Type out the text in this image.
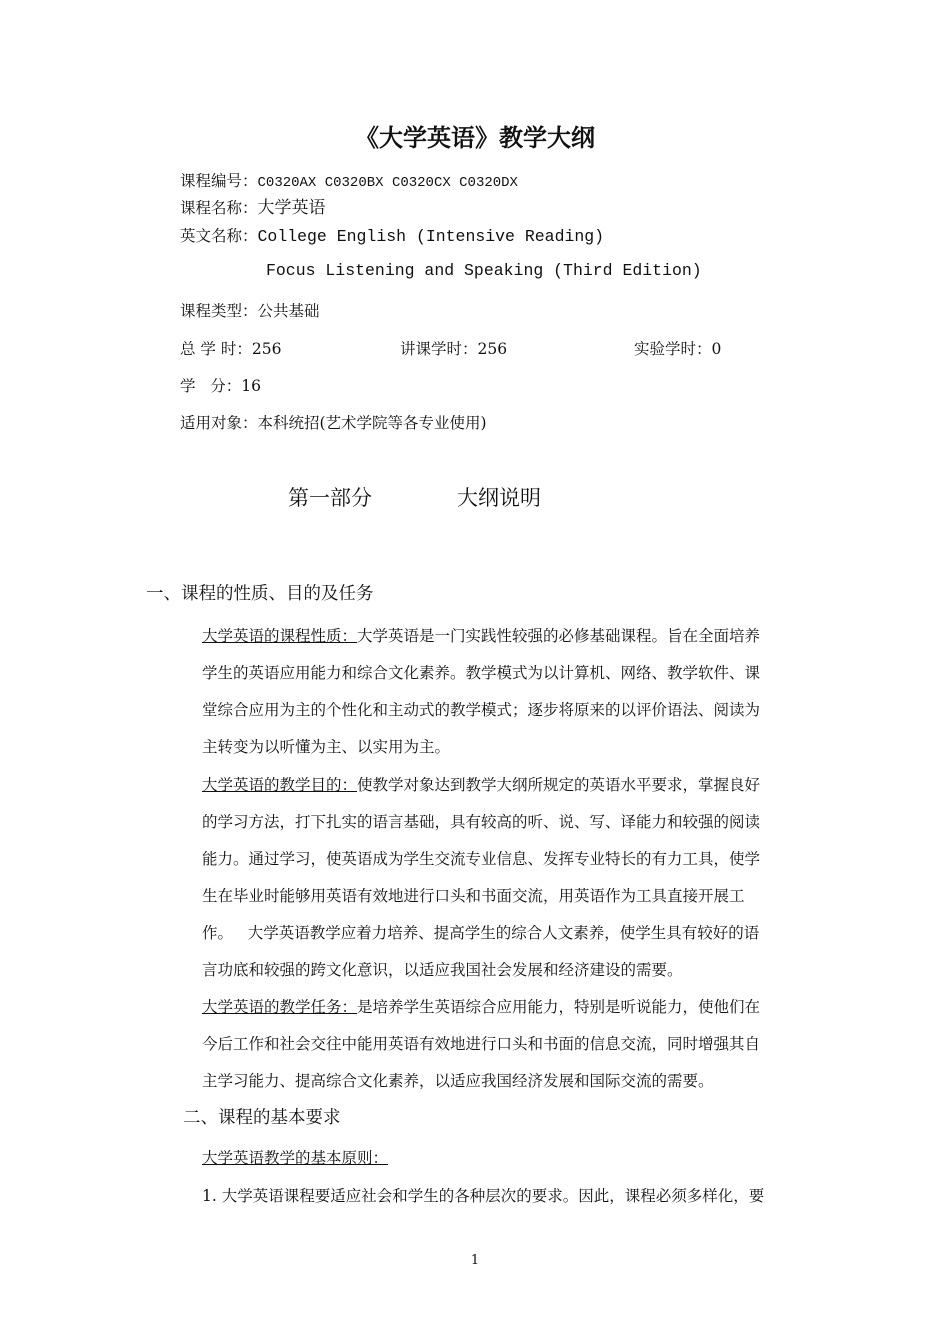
《大学英语》教学大纲
课程编号：C0320AX C0320BX C0320CX C0320DX
课程名称：大学英语
英文名称：College English (Intensive Reading)
Focus Listening and Speaking (Third Edition)
课程类型：公共基础
总 学 时：256	讲课学时：256	实验学时：0
学   分：16
适用对象：本科统招(艺术学院等各专业使用)
第一部分	大纲说明
一、课程的性质、目的及任务
大学英语的课程性质：大学英语是一门实践性较强的必修基础课程。旨在全面培养
学生的英语应用能力和综合文化素养。教学模式为以计算机、网络、教学软件、课
堂综合应用为主的个性化和主动式的教学模式；逐步将原来的以评价语法、阅读为
主转变为以听懂为主、以实用为主。
大学英语的教学目的：使教学对象达到教学大纲所规定的英语水平要求，掌握良好
的学习方法，打下扎实的语言基础，具有较高的听、说、写、译能力和较强的阅读
能力。通过学习，使英语成为学生交流专业信息、发挥专业特长的有力工具，使学
生在毕业时能够用英语有效地进行口头和书面交流，用英语作为工具直接开展工
作。   大学英语教学应着力培养、提高学生的综合人文素养，使学生具有较好的语
言功底和较强的跨文化意识，以适应我国社会发展和经济建设的需要。
大学英语的教学任务：是培养学生英语综合应用能力，特别是听说能力，使他们在
今后工作和社会交往中能用英语有效地进行口头和书面的信息交流，同时增强其自
主学习能力、提高综合文化素养，以适应我国经济发展和国际交流的需要。
二、课程的基本要求
大学英语教学的基本原则：
1. 大学英语课程要适应社会和学生的各种层次的要求。因此，课程必须多样化，要
1
